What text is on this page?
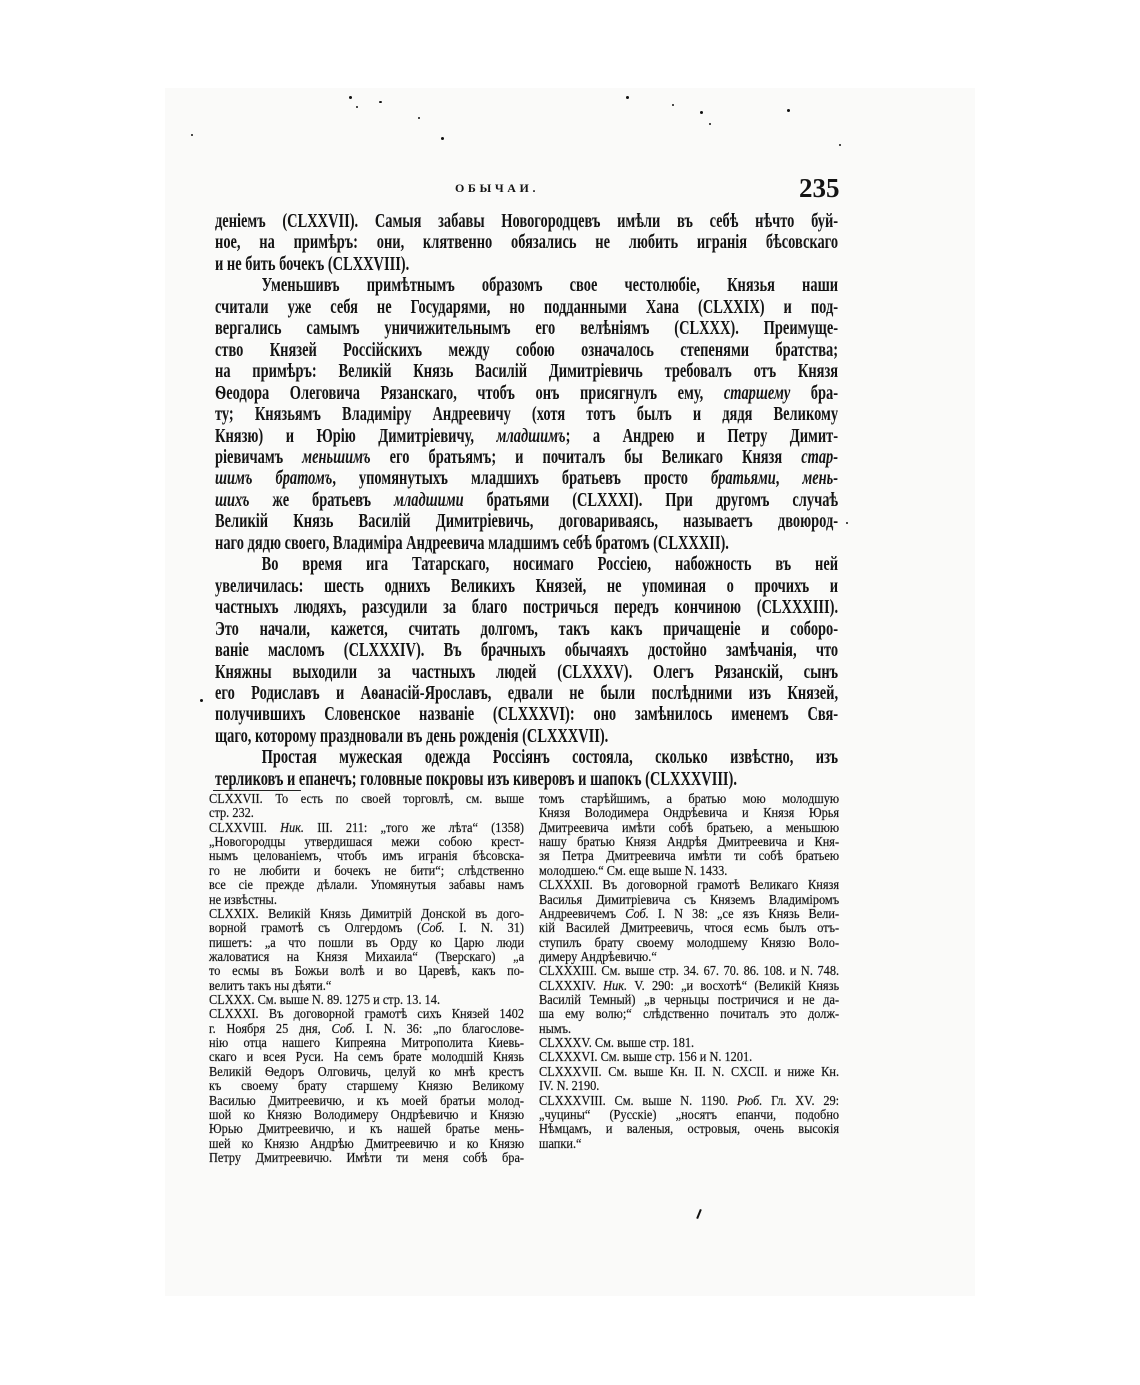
ОБЫЧАИ.	235
деніемъ (CLXXVII). Самыя забавы Новогородцевъ имѣли въ себѣ нѣчто буй-
ное, на примѣръ: они, клятвенно обязались не любить игранія бѣсовскаго
и не бить бочекъ (CLXXVIII).
Уменьшивъ примѣтнымъ образомъ свое честолюбіе, Князья наши
считали уже себя не Государями, но подданными Хана (CLXXIX) и под-
вергались самымъ уничижительнымъ его велѣніямъ (CLXXX). Преимуще-
ство Князей Россійскихъ между собою означалось степенями братства;
на примѣръ: Великій Князь Василій Димитріевичь требовалъ отъ Князя
Ѳеодора Олеговича Рязанскаго, чтобъ онъ присягнулъ ему, старшему бра-
ту; Князьямъ Владиміру Андреевичу (хотя тотъ былъ и дядя Великому
Князю) и Юрію Димитріевичу, младшимъ; а Андрею и Петру Димит-
ріевичамъ меньшимъ его братьямъ; и почиталъ бы Великаго Князя стар-
шимъ братомъ, упомянутыхъ младшихъ братьевъ просто братьями, мень-
шихъ же братьевъ младшими братьями (CLXXXI). При другомъ случаѣ
Великій Князь Василій Димитріевичь, договариваясь, называетъ двоюрод-
наго дядю своего, Владиміра Андреевича младшимъ себѣ братомъ (CLXXXII).
Во время ига Татарскаго, носимаго Россіею, набожность въ ней
увеличилась: шесть однихъ Великихъ Князей, не упоминая о прочихъ и
частныхъ людяхъ, разсудили за благо постричься передъ кончиною (CLXXXIII).
Это начали, кажется, считать долгомъ, такъ какъ причащеніе и соборо-
ваніе масломъ (CLXXXIV). Въ брачныхъ обычаяхъ достойно замѣчанія, что
Княжны выходили за частныхъ людей (CLXXXV). Олегъ Рязанскій, сынъ
его Родиславъ и Аѳанасій-Ярославъ, едвали не были послѣдними изъ Князей,
получившихъ Словенское названіе (CLXXXVI): оно замѣнилось именемъ Свя-
щаго, которому праздновали въ день рожденія (CLXXXVII).
Простая мужеская одежда Россіянъ состояла, сколько извѣстно, изъ
терликовъ и епанечъ; головные покровы изъ киверовъ и шапокъ (CLXXXVIII).
CLXXVII. То есть по своей торговлѣ, см. выше
стр. 232.
CLXXVIII. Ник. III. 211: „того же лѣта“ (1358)
„Новогородцы утвердишася межи собою крест-
нымъ целованіемъ, чтобъ имъ игранія бѣсовска-
го не любити и бочекъ не бити“; слѣдственно
все сіе прежде дѣлали. Упомянутыя забавы намъ
не извѣстны.
CLXXIX. Великій Князь Димитрій Донской въ дого-
ворной грамотѣ съ Олгердомъ (Соб. I. N. 31)
пишетъ: „а что пошли въ Орду ко Царю люди
жаловатися на Князя Михаила“ (Тверскаго) „а
то есмы въ Божьи волѣ и во Царевѣ, какъ по-
велитъ такъ ны дѣяти.“
CLXXX. См. выше N. 89. 1275 и стр. 13. 14.
CLXXXI. Въ договорной грамотѣ сихъ Князей 1402
г. Ноября 25 дня, Соб. I. N. 36: „по благослове-
нію отца нашего Кипреяна Митрополита Киевь-
скаго и всея Руси. На семъ брате молодшій Князь
Великій Ѳедоръ Олговичь, целуй ко мнѣ крестъ
къ своему брату старшему Князю Великому
Василью Дмитреевичю, и къ моей братьи молод-
шой ко Князю Володимеру Ондрѣевичю и Князю
Юрью Дмитреевичю, и къ нашей братье мень-
шей ко Князю Андрѣю Дмитреевичю и ко Князю
Петру Дмитреевичю. Имѣти ти меня собѣ бра-
томъ старѣйшимъ, а братью мою молодшую
Князя Володимера Ондрѣевича и Князя Юрья
Дмитреевича имѣти собѣ братьею, а меньшюю
нашу братью Князя Андрѣя Дмитреевича и Кня-
зя Петра Дмитреевича имѣти ти собѣ братьею
молодшею.“ См. еще выше N. 1433.
CLXXXII. Въ договорной грамотѣ Великаго Князя
Василья Димитріевича съ Княземъ Владиміромъ
Андреевичемъ Соб. I. N 38: „се язъ Князь Вели-
кій Василей Дмитреевичь, чтося есмь былъ отъ-
ступилъ брату своему молодшему Князю Воло-
димеру Андрѣевичю.“
CLXXXIII. См. выше стр. 34. 67. 70. 86. 108. и N. 748.
CLXXXIV. Ник. V. 290: „и восхотѣ“ (Великій Князь
Василій Темный) „в черньцы постричися и не да-
ша ему волю;“ слѣдственно почиталъ это долж-
нымъ.
CLXXXV. См. выше стр. 181.
CLXXXVI. См. выше стр. 156 и N. 1201.
CLXXXVII. См. выше Кн. II. N. CXCII. и ниже Кн.
IV. N. 2190.
CLXXXVIII. См. выше N. 1190. Рюб. Гл. XV. 29:
„чуцины“ (Русскіе) „носятъ епанчи, подобно
Нѣмцамъ, и валеныя, островыя, очень высокія
шапки.“
